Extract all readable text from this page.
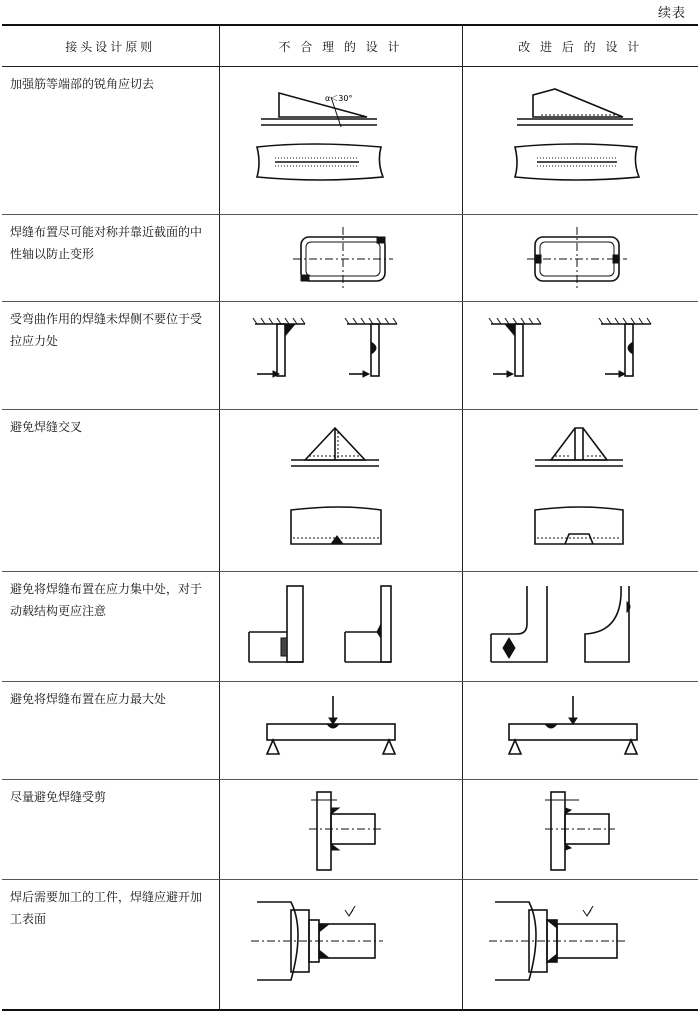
续表
接头设计原则	不 合 理 的 设 计	改 进 后 的 设 计

加强筋等端部的锐角应切去	α＜30°

焊缝布置尽可能对称并靠近截面的中性轴以防止变形

受弯曲作用的焊缝未焊侧不要位于受拉应力处

避免焊缝交叉

避免将焊缝布置在应力集中处，对于动载结构更应注意

避免将焊缝布置在应力最大处

尽量避免焊缝受剪

焊后需要加工的工件，焊缝应避开加工表面
